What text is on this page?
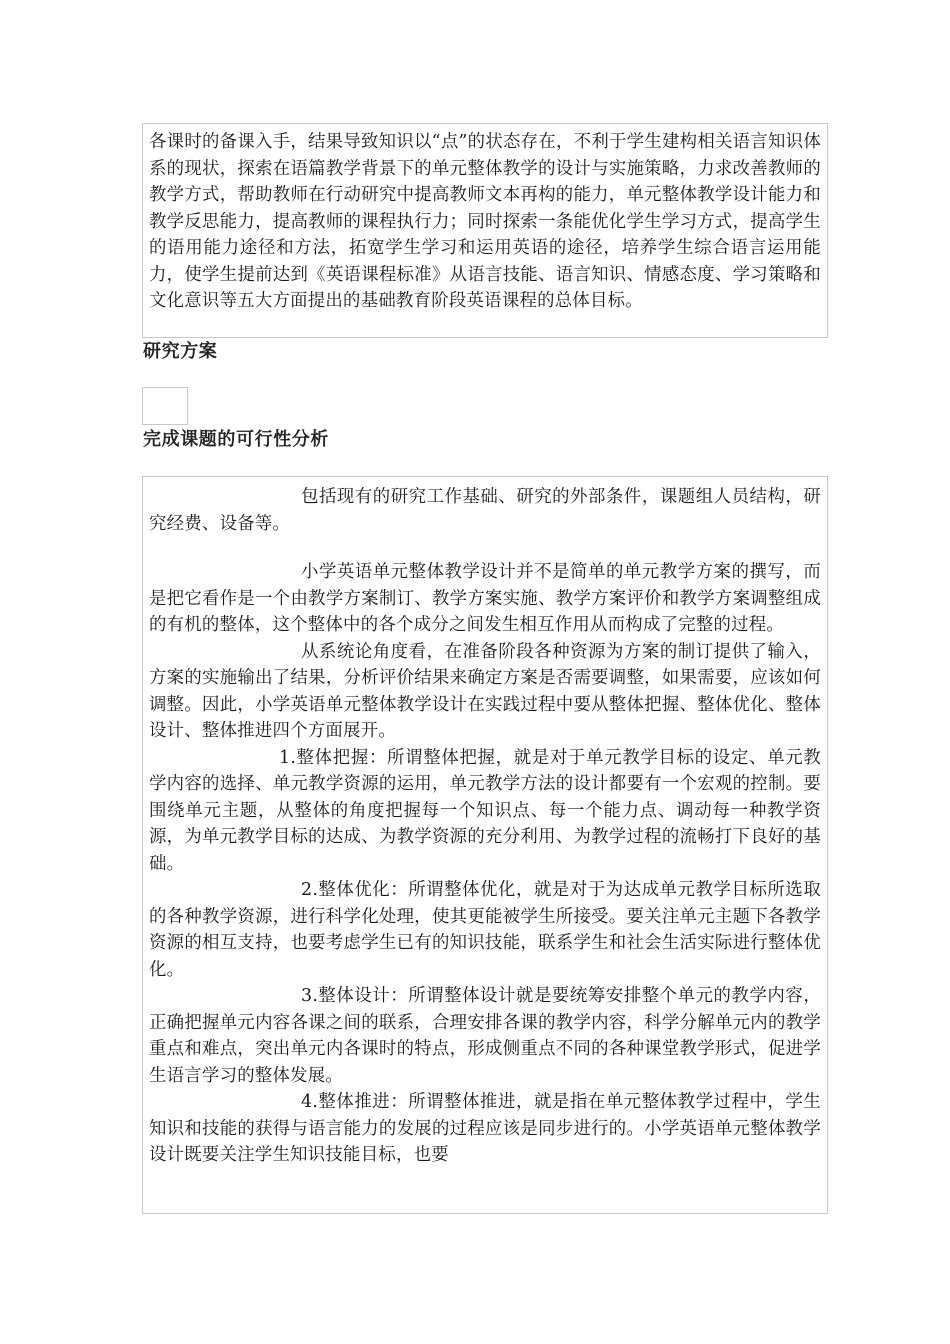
各课时的备课入手，结果导致知识以“点”的状态存在，不利于学生建构相关语言知识体系的现状，探索在语篇教学背景下的单元整体教学的设计与实施策略，力求改善教师的教学方式，帮助教师在行动研究中提高教师文本再构的能力，单元整体教学设计能力和教学反思能力，提高教师的课程执行力；同时探索一条能优化学生学习方式，提高学生的语用能力途径和方法，拓宽学生学习和运用英语的途径，培养学生综合语言运用能力，使学生提前达到《英语课程标准》从语言技能、语言知识、情感态度、学习策略和文化意识等五大方面提出的基础教育阶段英语课程的总体目标。

研究方案
完成课题的可行性分析

包括现有的研究工作基础、研究的外部条件，课题组人员结构，研究经费、设备等。

小学英语单元整体教学设计并不是简单的单元教学方案的撰写，而是把它看作是一个由教学方案制订、教学方案实施、教学方案评价和教学方案调整组成的有机的整体，这个整体中的各个成分之间发生相互作用从而构成了完整的过程。

从系统论角度看，在准备阶段各种资源为方案的制订提供了输入，方案的实施输出了结果，分析评价结果来确定方案是否需要调整，如果需要，应该如何调整。因此，小学英语单元整体教学设计在实践过程中要从整体把握、整体优化、整体设计、整体推进四个方面展开。

1.整体把握：所谓整体把握，就是对于单元教学目标的设定、单元教学内容的选择、单元教学资源的运用，单元教学方法的设计都要有一个宏观的控制。要围绕单元主题，从整体的角度把握每一个知识点、每一个能力点、调动每一种教学资源，为单元教学目标的达成、为教学资源的充分利用、为教学过程的流畅打下良好的基础。

2.整体优化：所谓整体优化，就是对于为达成单元教学目标所选取的各种教学资源，进行科学化处理，使其更能被学生所接受。要关注单元主题下各教学资源的相互支持，也要考虑学生已有的知识技能，联系学生和社会生活实际进行整体优化。

3.整体设计：所谓整体设计就是要统筹安排整个单元的教学内容，正确把握单元内容各课之间的联系，合理安排各课的教学内容，科学分解单元内的教学重点和难点，突出单元内各课时的特点，形成侧重点不同的各种课堂教学形式，促进学生语言学习的整体发展。

4.整体推进：所谓整体推进，就是指在单元整体教学过程中，学生知识和技能的获得与语言能力的发展的过程应该是同步进行的。小学英语单元整体教学设计既要关注学生知识技能目标，也要
